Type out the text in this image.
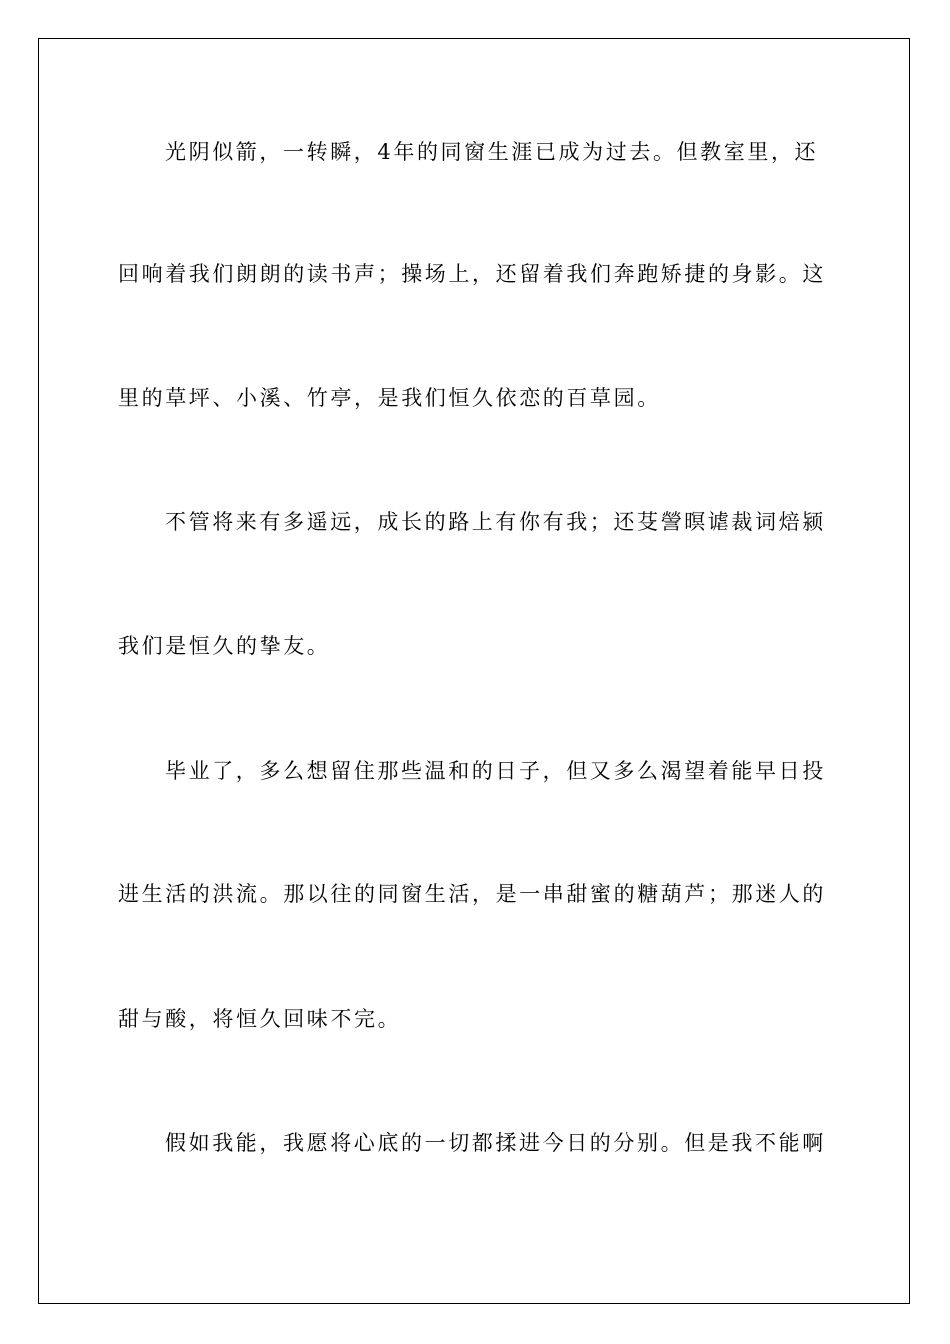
光阴似箭，一转瞬，4年的同窗生涯已成为过去。但教室里，还
回响着我们朗朗的读书声；操场上，还留着我们奔跑矫捷的身影。这
里的草坪、小溪、竹亭，是我们恒久依恋的百草园。
不管将来有多遥远，成长的路上有你有我；还芟謍暝谑裁词焙颍
我们是恒久的挚友。
毕业了，多么想留住那些温和的日子，但又多么渴望着能早日投
进生活的洪流。那以往的同窗生活，是一串甜蜜的糖葫芦；那迷人的
甜与酸，将恒久回味不完。
假如我能，我愿将心底的一切都揉进今日的分别。但是我不能啊
